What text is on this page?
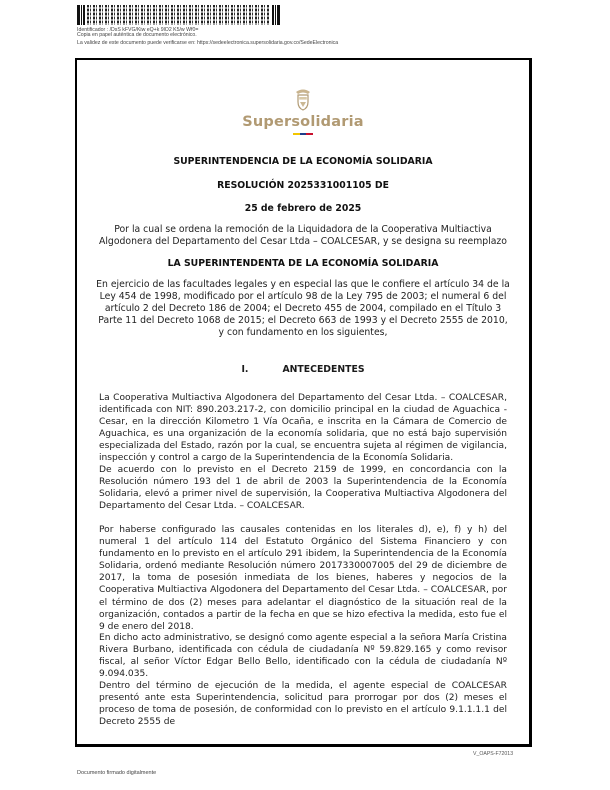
Identificador : /DsS kFVG/Kiw eQ+k 9lO2 K5/w Wf0=
Copia en papel auténtica de documento electrónico.
La validez de este documento puede verificarse en: https://sedeelectronica.supersolidaria.gov.co/SedeElectronica
Supersolidaria
SUPERINTENDENCIA DE LA ECONOMÍA SOLIDARIA
RESOLUCIÓN 2025331001105 DE
25 de febrero de 2025
Por la cual se ordena la remoción de la Liquidadora de la Cooperativa Multiactiva
Algodonera del Departamento del Cesar Ltda – COALCESAR, y se designa su reemplazo
LA SUPERINTENDENTA DE LA ECONOMÍA SOLIDARIA
En ejercicio de las facultades legales y en especial las que le confiere el artículo 34 de la
Ley 454 de 1998, modificado por el artículo 98 de la Ley 795 de 2003; el numeral 6 del
artículo 2 del Decreto 186 de 2004; el Decreto 455 de 2004, compilado en el Título 3
Parte 11 del Decreto 1068 de 2015; el Decreto 663 de 1993 y el Decreto 2555 de 2010,
y con fundamento en los siguientes,
I.	ANTECEDENTES
La Cooperativa Multiactiva Algodonera del Departamento del Cesar Ltda. – COALCESAR, identificada con NIT: 890.203.217-2, con domicilio principal en la ciudad de Aguachica - Cesar, en la dirección Kilometro 1 Vía Ocaña, e inscrita en la Cámara de Comercio de Aguachica, es una organización de la economía solidaria, que no está bajo supervisión especializada del Estado, razón por la cual, se encuentra sujeta al régimen de vigilancia, inspección y control a cargo de la Superintendencia de la Economía Solidaria.
De acuerdo con lo previsto en el Decreto 2159 de 1999, en concordancia con la Resolución número 193 del 1 de abril de 2003 la Superintendencia de la Economía Solidaria, elevó a primer nivel de supervisión, la Cooperativa Multiactiva Algodonera del Departamento del Cesar Ltda. – COALCESAR.
Por haberse configurado las causales contenidas en los literales d), e), f) y h) del numeral 1 del artículo 114 del Estatuto Orgánico del Sistema Financiero y con fundamento en lo previsto en el artículo 291 ibidem, la Superintendencia de la Economía Solidaria, ordenó mediante Resolución número 2017330007005 del 29 de diciembre de 2017, la toma de posesión inmediata de los bienes, haberes y negocios de la Cooperativa Multiactiva Algodonera del Departamento del Cesar Ltda. – COALCESAR, por el término de dos (2) meses para adelantar el diagnóstico de la situación real de la organización, contados a partir de la fecha en que se hizo efectiva la medida, esto fue el 9 de enero del 2018.
En dicho acto administrativo, se designó como agente especial a la señora María Cristina Rivera Burbano, identificada con cédula de ciudadanía Nº 59.829.165 y como revisor fiscal, al señor Víctor Edgar Bello Bello, identificado con la cédula de ciudadanía Nº 9.094.035.
Dentro del término de ejecución de la medida, el agente especial de COALCESAR presentó ante esta Superintendencia, solicitud para prorrogar por dos (2) meses el proceso de toma de posesión, de conformidad con lo previsto en el artículo 9.1.1.1.1 del Decreto 2555 de
V_OAPS-F72013
Documento firmado digitalmente
